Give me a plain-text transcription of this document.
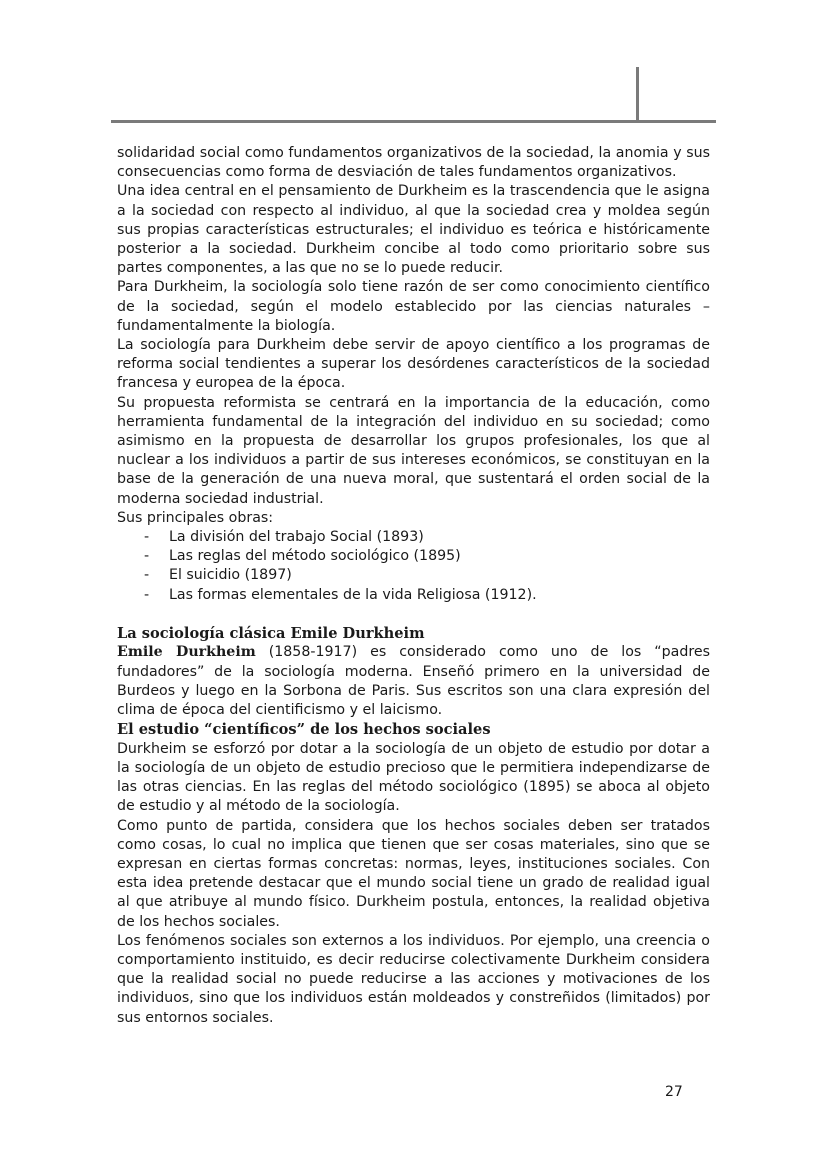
solidaridad social como fundamentos organizativos de la sociedad, la anomia y sus consecuencias como forma de desviación de tales fundamentos organizativos.

Una idea central en el pensamiento de Durkheim es la trascendencia que le asigna a la sociedad con respecto al individuo, al que la sociedad crea y moldea según sus propias características estructurales; el individuo es teórica e históricamente posterior a la sociedad. Durkheim concibe al todo como prioritario sobre sus partes componentes, a las que no se lo puede reducir.

Para Durkheim, la sociología solo tiene razón de ser como conocimiento científico de la sociedad, según el modelo establecido por las ciencias naturales – fundamentalmente la biología.

La sociología para Durkheim debe servir de apoyo científico a los programas de reforma social tendientes a superar los desórdenes característicos de la sociedad francesa y europea de la época.

Su propuesta reformista se centrará en la importancia de la educación, como herramienta fundamental de la integración del individuo en su sociedad; como asimismo en la propuesta de desarrollar los grupos profesionales, los que al nuclear a los individuos a partir de sus intereses económicos, se constituyan en la base de la generación de una nueva moral, que sustentará el orden social de la moderna sociedad industrial.

Sus principales obras:

- La división del trabajo Social (1893)
- Las reglas del método sociológico (1895)
- El suicidio (1897)
- Las formas elementales de la vida Religiosa (1912).
La sociología clásica Emile Durkheim

Emile Durkheim (1858-1917) es considerado como uno de los “padres fundadores” de la sociología moderna. Enseñó primero en la universidad de Burdeos y luego en la Sorbona de Paris. Sus escritos son una clara expresión del clima de época del cientificismo y el laicismo.

El estudio “científicos” de los hechos sociales

Durkheim se esforzó por dotar a la sociología de un objeto de estudio por dotar a la sociología de un objeto de estudio precioso que le permitiera independizarse de las otras ciencias. En las reglas del método sociológico (1895) se aboca al objeto de estudio y al método de la sociología.

Como punto de partida, considera que los hechos sociales deben ser tratados como cosas, lo cual no implica que tienen que ser cosas materiales, sino que se expresan en ciertas formas concretas: normas, leyes, instituciones sociales. Con esta idea pretende destacar que el mundo social tiene un grado de realidad igual al que atribuye al mundo físico. Durkheim postula, entonces, la realidad objetiva de los hechos sociales.

Los fenómenos sociales son externos a los individuos. Por ejemplo, una creencia o comportamiento instituido, es decir reducirse colectivamente Durkheim considera que la realidad social no puede reducirse a las acciones y motivaciones de los individuos, sino que los individuos están moldeados y constreñidos (limitados) por sus entornos sociales.

27
